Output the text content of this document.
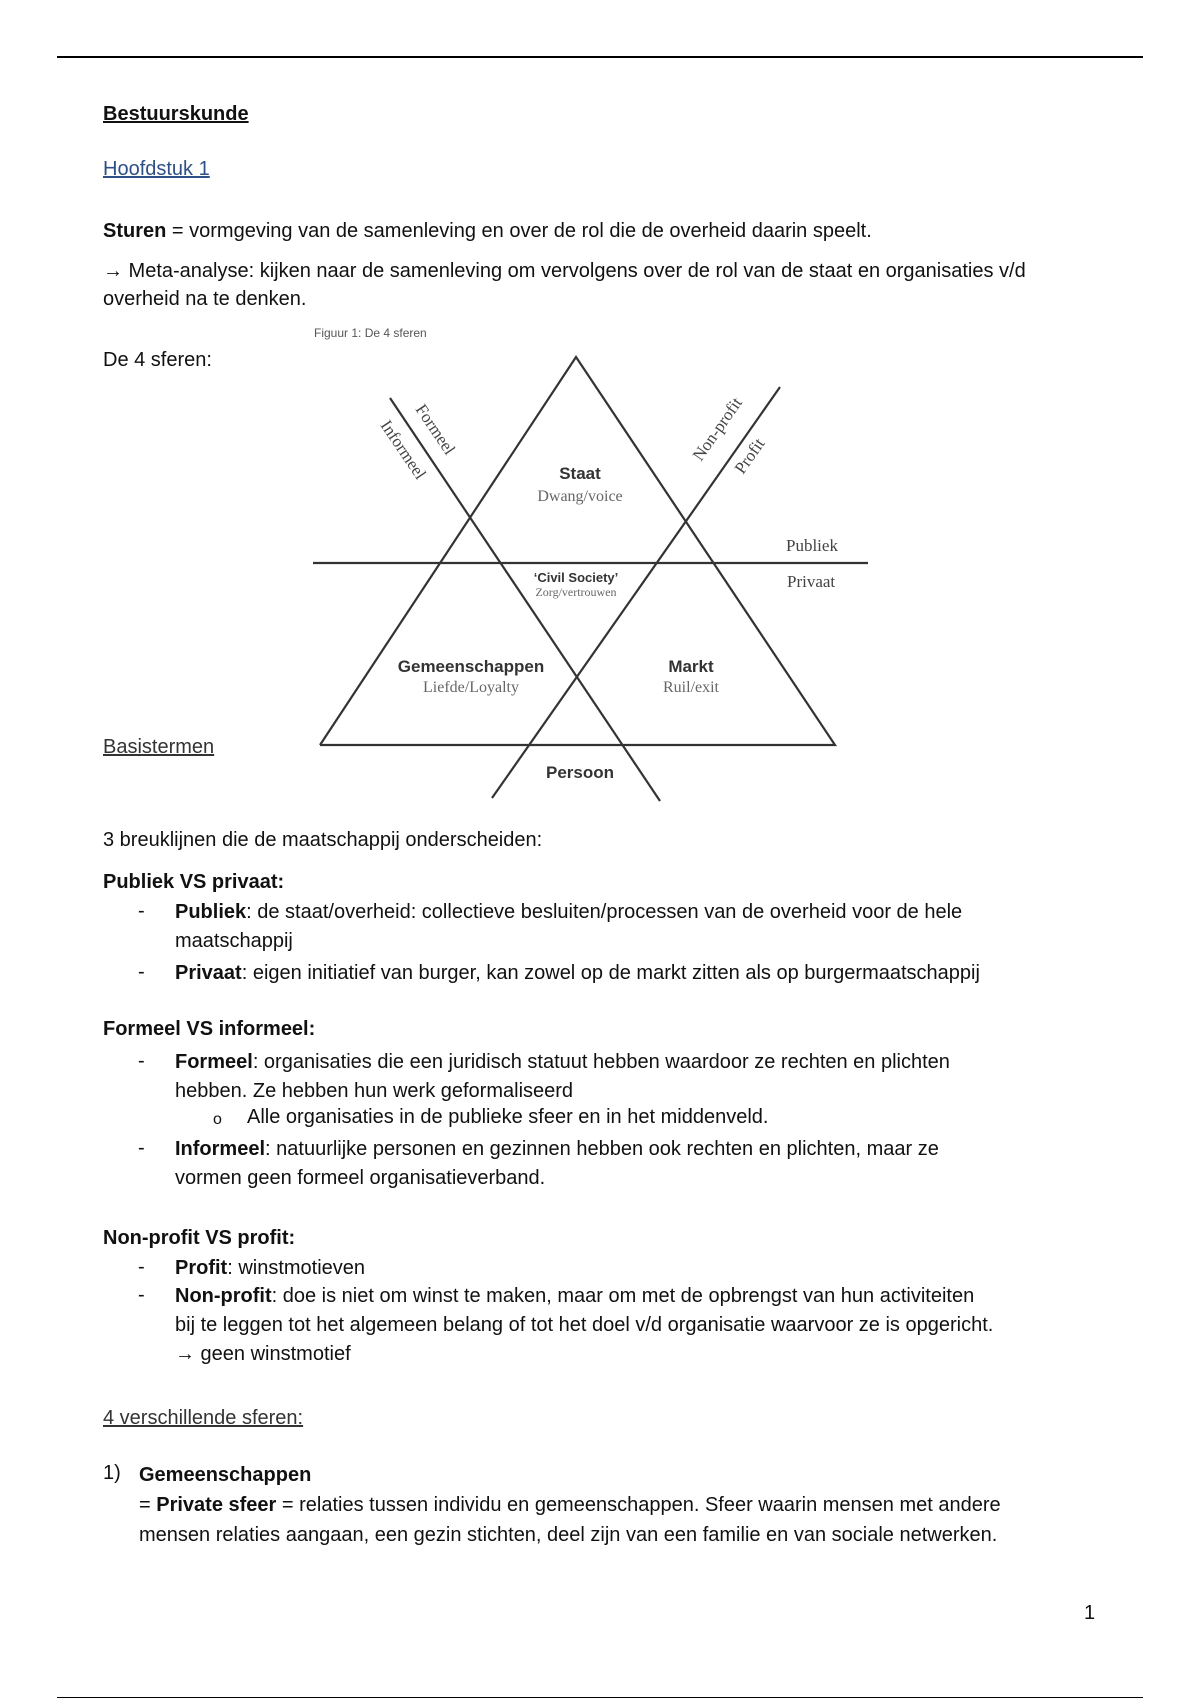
Bestuurskunde
Hoofdstuk 1
Sturen = vormgeving van de samenleving en over de rol die de overheid daarin speelt.
→ Meta-analyse: kijken naar de samenleving om vervolgens over de rol van de staat en organisaties v/d overheid na te denken.
De 4 sferen:
Figuur 1: De 4 sferen
Formeel
Informeel	Non-profit
Profit
Publiek
Privaat
Staat
Dwang/voice
‘Civil Society’
Zorg/vertrouwen
Gemeenschappen
Liefde/Loyalty
Markt
Ruil/exit
Persoon
Basistermen
3 breuklijnen die de maatschappij onderscheiden:
Publiek VS privaat:
- Publiek: de staat/overheid: collectieve besluiten/processen van de overheid voor de hele
maatschappij
- Privaat: eigen initiatief van burger, kan zowel op de markt zitten als op burgermaatschappij
Formeel VS informeel:
- Formeel: organisaties die een juridisch statuut hebben waardoor ze rechten en plichten
hebben. Ze hebben hun werk geformaliseerd
o Alle organisaties in de publieke sfeer en in het middenveld.
- Informeel: natuurlijke personen en gezinnen hebben ook rechten en plichten, maar ze
vormen geen formeel organisatieverband.
Non-profit VS profit:
- Profit: winstmotieven
- Non-profit: doe is niet om winst te maken, maar om met de opbrengst van hun activiteiten
bij te leggen tot het algemeen belang of tot het doel v/d organisatie waarvoor ze is opgericht.
→ geen winstmotief
4 verschillende sferen:
1) Gemeenschappen
= Private sfeer = relaties tussen individu en gemeenschappen. Sfeer waarin mensen met andere
mensen relaties aangaan, een gezin stichten, deel zijn van een familie en van sociale netwerken.
1
